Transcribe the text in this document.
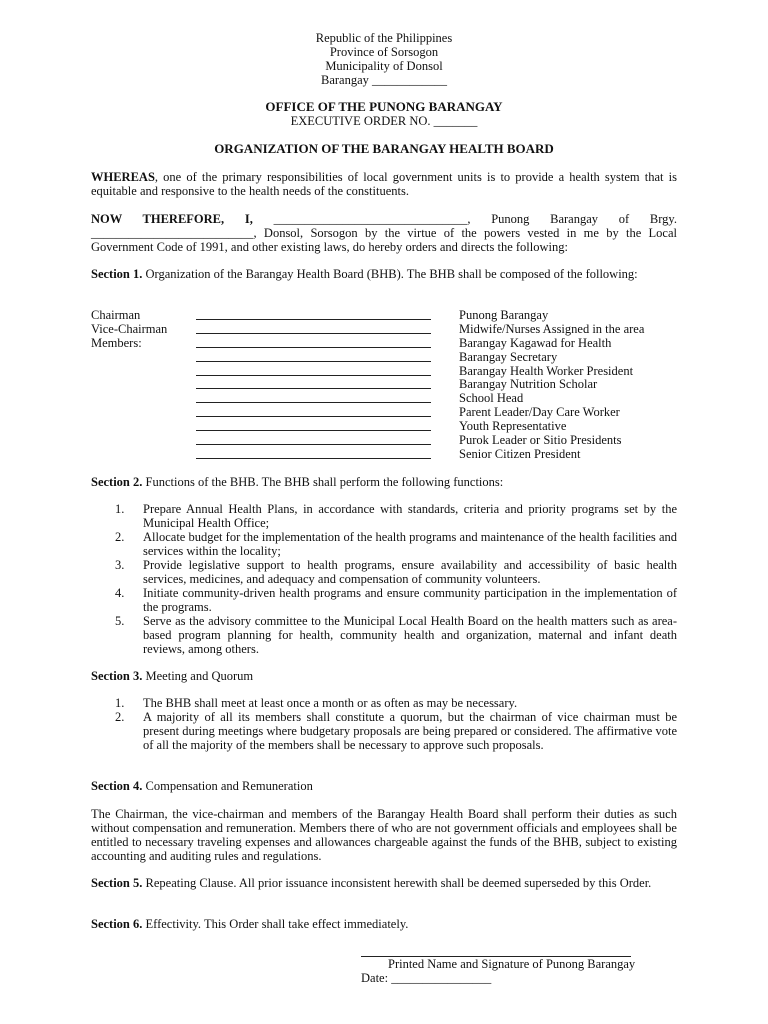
Republic of the Philippines
Province of Sorsogon
Municipality of Donsol
Barangay ____________
OFFICE OF THE PUNONG BARANGAY
EXECUTIVE ORDER NO. _______
ORGANIZATION OF THE BARANGAY HEALTH BOARD
WHEREAS, one of the primary responsibilities of local government units is to provide a health system that is equitable and responsive to the health needs of the constituents.
NOW THEREFORE, I, _______________________________, Punong Barangay of Brgy. __________________________, Donsol, Sorsogon by the virtue of the powers vested in me by the Local Government Code of 1991, and other existing laws, do hereby orders and directs the following:
Section 1. Organization of the Barangay Health Board (BHB). The BHB shall be composed of the following:
Chairman	Punong Barangay
Vice-Chairman	Midwife/Nurses Assigned in the area
Members:	Barangay Kagawad for Health
Barangay Secretary
Barangay Health Worker President
Barangay Nutrition Scholar
School Head
Parent Leader/Day Care Worker
Youth Representative
Purok Leader or Sitio Presidents
Senior Citizen President
Section 2. Functions of the BHB. The BHB shall perform the following functions:
1. Prepare Annual Health Plans, in accordance with standards, criteria and priority programs set by the Municipal Health Office;
2. Allocate budget for the implementation of the health programs and maintenance of the health facilities and services within the locality;
3. Provide legislative support to health programs, ensure availability and accessibility of basic health services, medicines, and adequacy and compensation of community volunteers.
4. Initiate community-driven health programs and ensure community participation in the implementation of the programs.
5. Serve as the advisory committee to the Municipal Local Health Board on the health matters such as area-based program planning for health, community health and organization, maternal and infant death reviews, among others.
Section 3. Meeting and Quorum
1. The BHB shall meet at least once a month or as often as may be necessary.
2. A majority of all its members shall constitute a quorum, but the chairman of vice chairman must be present during meetings where budgetary proposals are being prepared or considered. The affirmative vote of all the majority of the members shall be necessary to approve such proposals.
Section 4. Compensation and Remuneration
The Chairman, the vice-chairman and members of the Barangay Health Board shall perform their duties as such without compensation and remuneration. Members there of who are not government officials and employees shall be entitled to necessary traveling expenses and allowances chargeable against the funds of the BHB, subject to existing accounting and auditing rules and regulations.
Section 5. Repeating Clause. All prior issuance inconsistent herewith shall be deemed superseded by this Order.
Section 6. Effectivity. This Order shall take effect immediately.
Printed Name and Signature of Punong Barangay
Date: ________________
